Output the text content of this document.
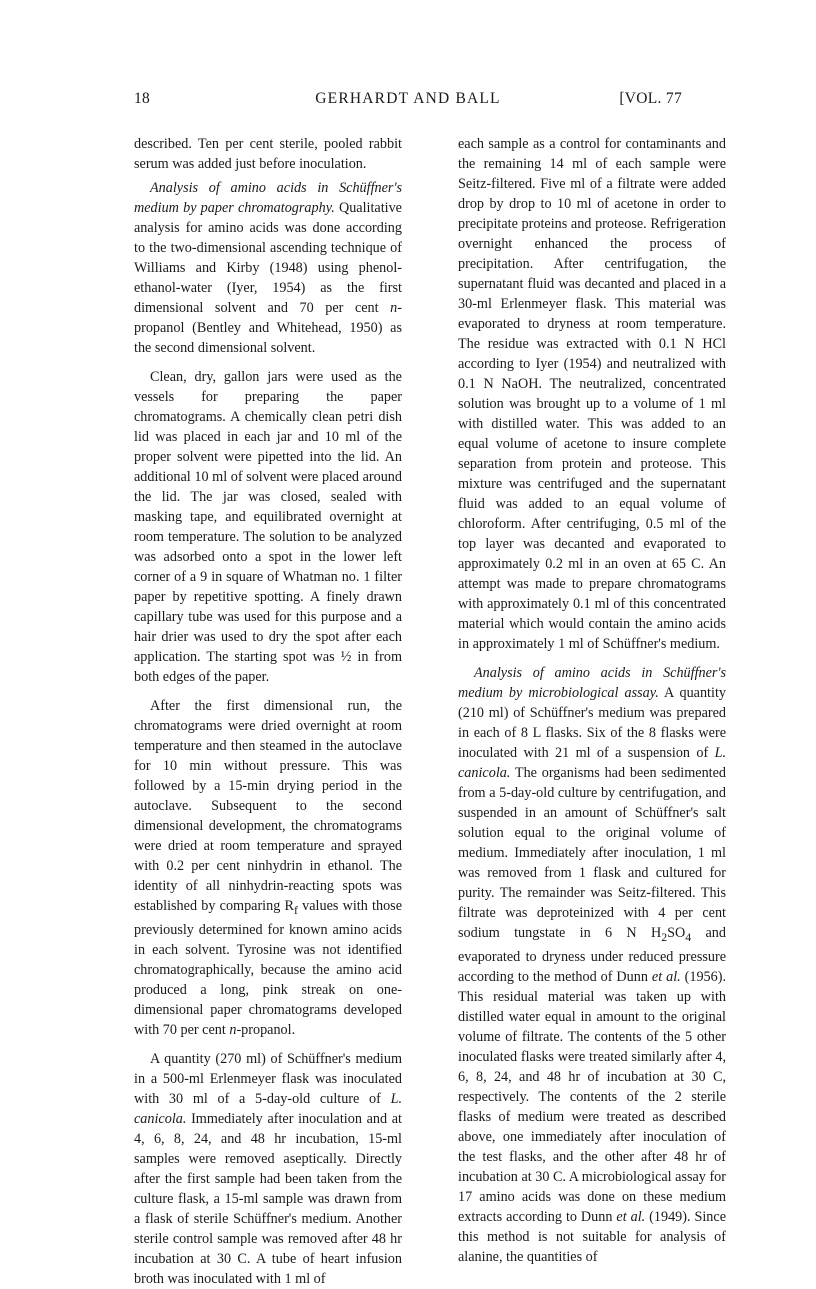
18	GERHARDT AND BALL	[VOL. 77

described. Ten per cent sterile, pooled rabbit serum was added just before inoculation.

Analysis of amino acids in Schüffner's medium by paper chromatography. Qualitative analysis for amino acids was done according to the two-dimensional ascending technique of Williams and Kirby (1948) using phenol-ethanol-water (Iyer, 1954) as the first dimensional solvent and 70 per cent n-propanol (Bentley and Whitehead, 1950) as the second dimensional solvent.

Clean, dry, gallon jars were used as the vessels for preparing the paper chromatograms. A chemically clean petri dish lid was placed in each jar and 10 ml of the proper solvent were pipetted into the lid. An additional 10 ml of solvent were placed around the lid. The jar was closed, sealed with masking tape, and equilibrated overnight at room temperature. The solution to be analyzed was adsorbed onto a spot in the lower left corner of a 9 in square of Whatman no. 1 filter paper by repetitive spotting. A finely drawn capillary tube was used for this purpose and a hair drier was used to dry the spot after each application. The starting spot was ½ in from both edges of the paper.

After the first dimensional run, the chromatograms were dried overnight at room temperature and then steamed in the autoclave for 10 min without pressure. This was followed by a 15-min drying period in the autoclave. Subsequent to the second dimensional development, the chromatograms were dried at room temperature and sprayed with 0.2 per cent ninhydrin in ethanol. The identity of all ninhydrin-reacting spots was established by comparing $R_f$ values with those previously determined for known amino acids in each solvent. Tyrosine was not identified chromatographically, because the amino acid produced a long, pink streak on one-dimensional paper chromatograms developed with 70 per cent n-propanol.

A quantity (270 ml) of Schüffner's medium in a 500-ml Erlenmeyer flask was inoculated with 30 ml of a 5-day-old culture of L. canicola. Immediately after inoculation and at 4, 6, 8, 24, and 48 hr incubation, 15-ml samples were removed aseptically. Directly after the first sample had been taken from the culture flask, a 15-ml sample was drawn from a flask of sterile Schüffner's medium. Another sterile control sample was removed after 48 hr incubation at 30 C. A tube of heart infusion broth was inoculated with 1 ml of

each sample as a control for contaminants and the remaining 14 ml of each sample were Seitz-filtered. Five ml of a filtrate were added drop by drop to 10 ml of acetone in order to precipitate proteins and proteose. Refrigeration overnight enhanced the process of precipitation. After centrifugation, the supernatant fluid was decanted and placed in a 30-ml Erlenmeyer flask. This material was evaporated to dryness at room temperature. The residue was extracted with 0.1 N HCl according to Iyer (1954) and neutralized with 0.1 N NaOH. The neutralized, concentrated solution was brought up to a volume of 1 ml with distilled water. This was added to an equal volume of acetone to insure complete separation from protein and proteose. This mixture was centrifuged and the supernatant fluid was added to an equal volume of chloroform. After centrifuging, 0.5 ml of the top layer was decanted and evaporated to approximately 0.2 ml in an oven at 65 C. An attempt was made to prepare chromatograms with approximately 0.1 ml of this concentrated material which would contain the amino acids in approximately 1 ml of Schüffner's medium.

Analysis of amino acids in Schüffner's medium by microbiological assay. A quantity (210 ml) of Schüffner's medium was prepared in each of 8 L flasks. Six of the 8 flasks were inoculated with 21 ml of a suspension of L. canicola. The organisms had been sedimented from a 5-day-old culture by centrifugation, and suspended in an amount of Schüffner's salt solution equal to the original volume of medium. Immediately after inoculation, 1 ml was removed from 1 flask and cultured for purity. The remainder was Seitz-filtered. This filtrate was deproteinized with 4 per cent sodium tungstate in 6 N $H_2SO_4$ and evaporated to dryness under reduced pressure according to the method of Dunn et al. (1956). This residual material was taken up with distilled water equal in amount to the original volume of filtrate. The contents of the 5 other inoculated flasks were treated similarly after 4, 6, 8, 24, and 48 hr of incubation at 30 C, respectively. The contents of the 2 sterile flasks of medium were treated as described above, one immediately after inoculation of the test flasks, and the other after 48 hr of incubation at 30 C. A microbiological assay for 17 amino acids was done on these medium extracts according to Dunn et al. (1949). Since this method is not suitable for analysis of alanine, the quantities of
